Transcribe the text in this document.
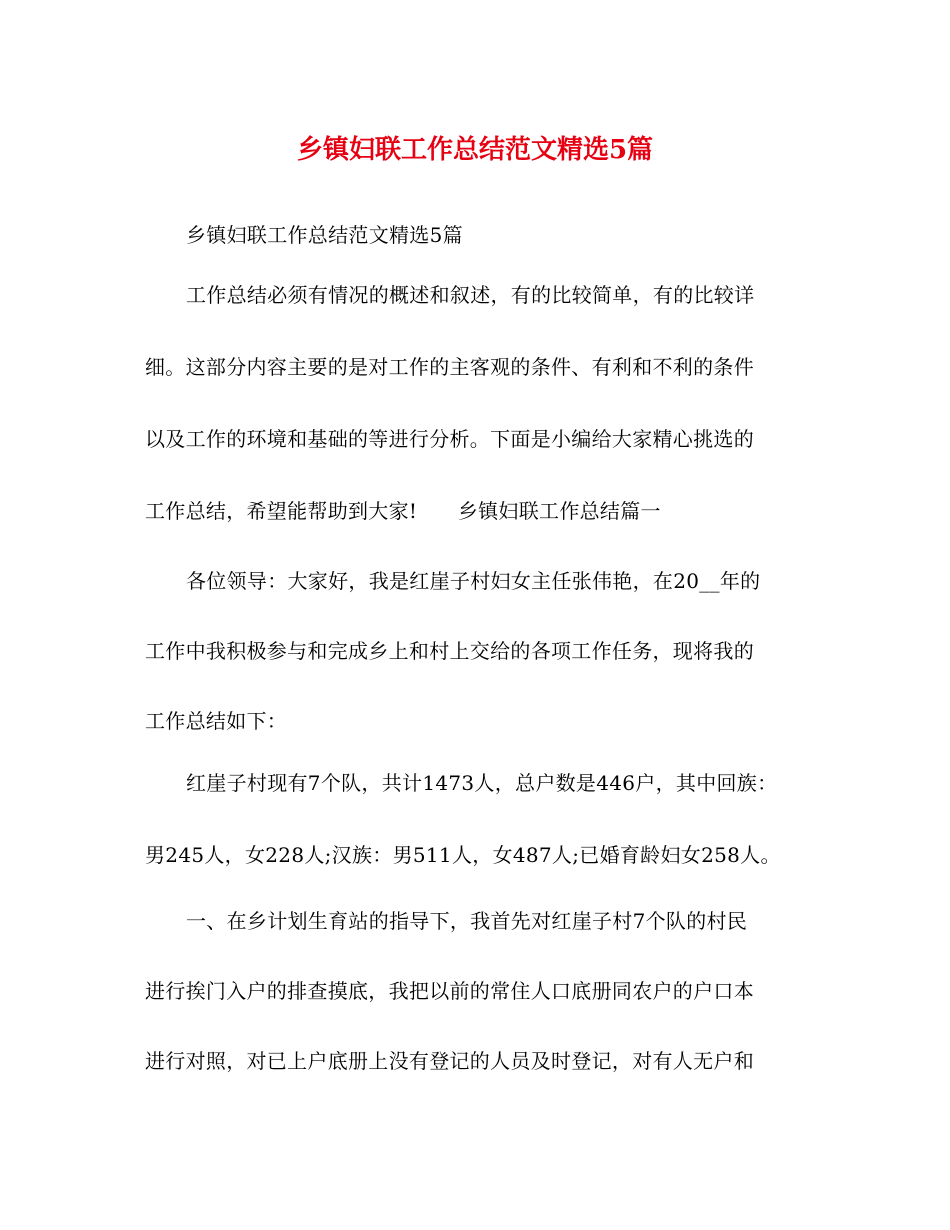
乡镇妇联工作总结范文精选5篇
乡镇妇联工作总结范文精选5篇
工作总结必须有情况的概述和叙述，有的比较简单，有的比较详
细。这部分内容主要的是对工作的主客观的条件、有利和不利的条件
以及工作的环境和基础的等进行分析。下面是小编给大家精心挑选的
工作总结，希望能帮助到大家!　　乡镇妇联工作总结篇一
各位领导：大家好，我是红崖子村妇女主任张伟艳，在20__年的
工作中我积极参与和完成乡上和村上交给的各项工作任务，现将我的
工作总结如下：
红崖子村现有7个队，共计1473人，总户数是446户，其中回族：
男245人，女228人;汉族：男511人，女487人;已婚育龄妇女258人。
一、在乡计划生育站的指导下，我首先对红崖子村7个队的村民
进行挨门入户的排查摸底，我把以前的常住人口底册同农户的户口本
进行对照，对已上户底册上没有登记的人员及时登记，对有人无户和
